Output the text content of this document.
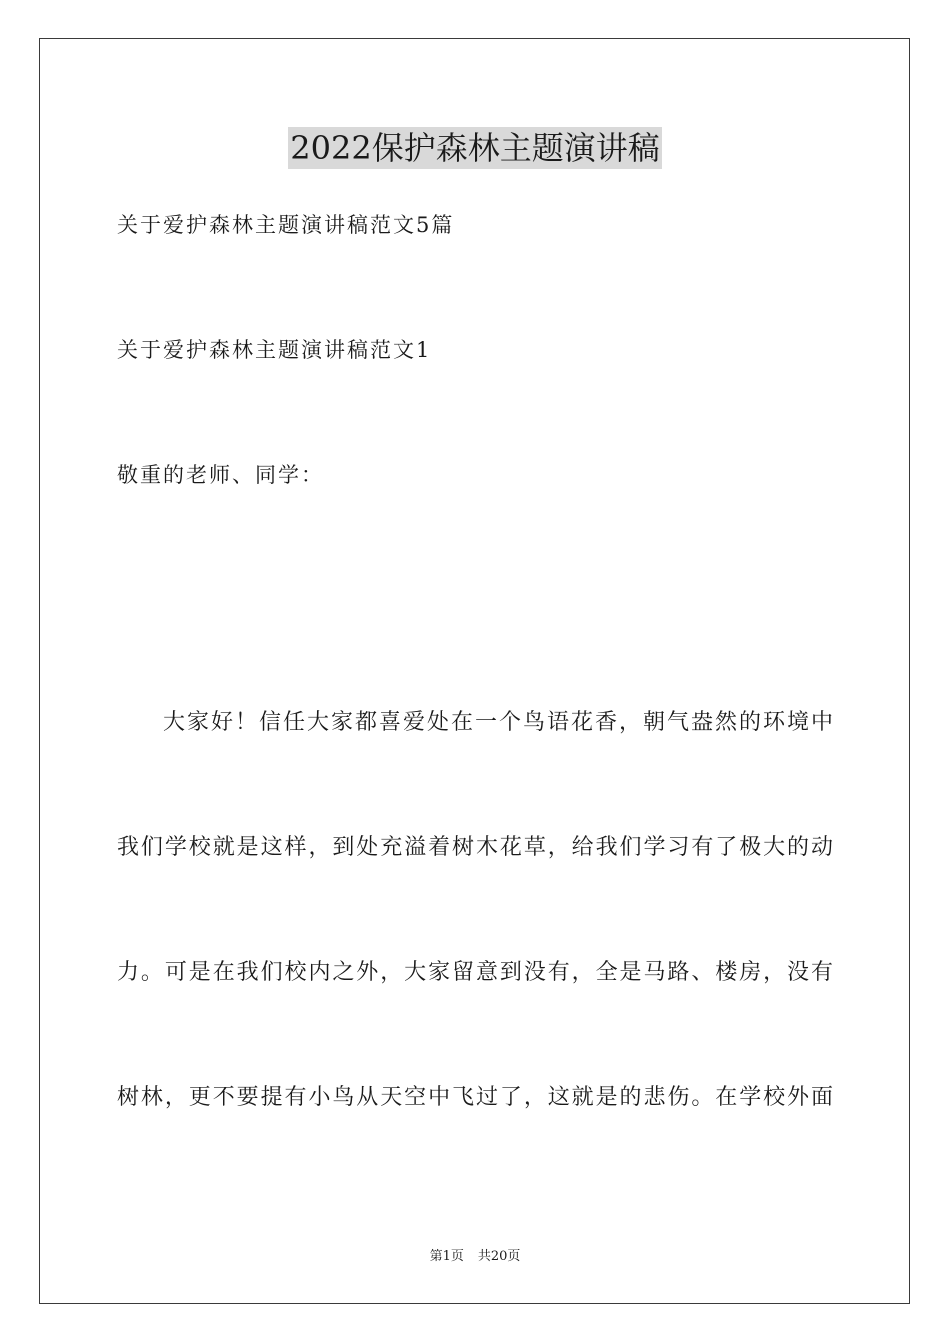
2022保护森林主题演讲稿
关于爱护森林主题演讲稿范文5篇
关于爱护森林主题演讲稿范文1
敬重的老师、同学：
大家好！信任大家都喜爱处在一个鸟语花香，朝气盎然的环境中
我们学校就是这样，到处充溢着树木花草，给我们学习有了极大的动
力。可是在我们校内之外，大家留意到没有，全是马路、楼房，没有
树林，更不要提有小鸟从天空中飞过了，这就是的悲伤。在学校外面
第1页 共20页
